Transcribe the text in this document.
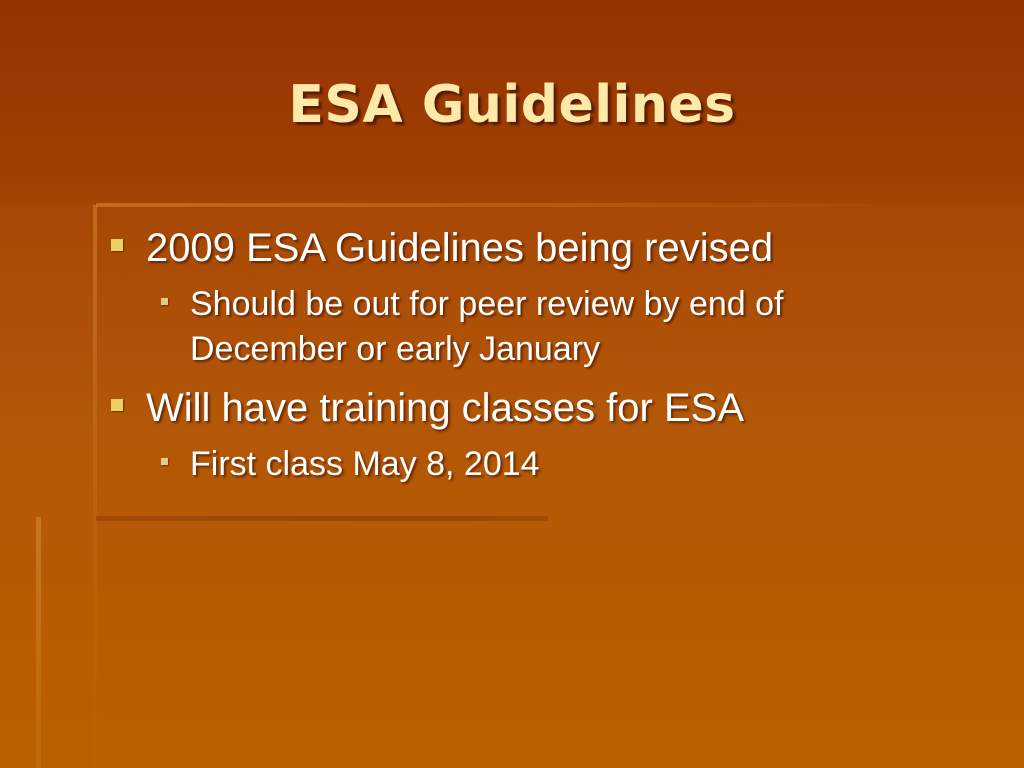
ESA Guidelines
2009 ESA Guidelines being revised
Should be out for peer review by end of December or early January
Will have training classes for ESA
First class May 8, 2014
